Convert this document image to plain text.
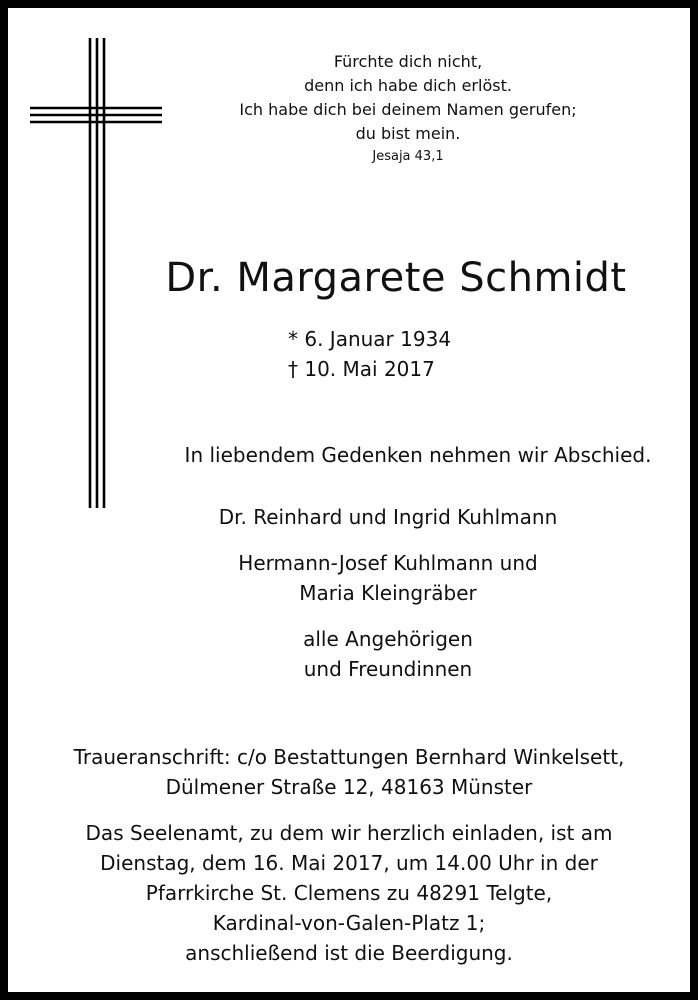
Fürchte dich nicht,
denn ich habe dich erlöst.
Ich habe dich bei deinem Namen gerufen;
du bist mein.
Jesaja 43,1
Dr. Margarete Schmidt
* 6. Januar 1934
† 10. Mai 2017
In liebendem Gedenken nehmen wir Abschied.
Dr. Reinhard und Ingrid Kuhlmann
Hermann-Josef Kuhlmann und
Maria Kleingräber
alle Angehörigen
und Freundinnen
Traueranschrift: c/o Bestattungen Bernhard Winkelsett,
Dülmener Straße 12, 48163 Münster
Das Seelenamt, zu dem wir herzlich einladen, ist am
Dienstag, dem 16. Mai 2017, um 14.00 Uhr in der
Pfarrkirche St. Clemens zu 48291 Telgte,
Kardinal-von-Galen-Platz 1;
anschließend ist die Beerdigung.
